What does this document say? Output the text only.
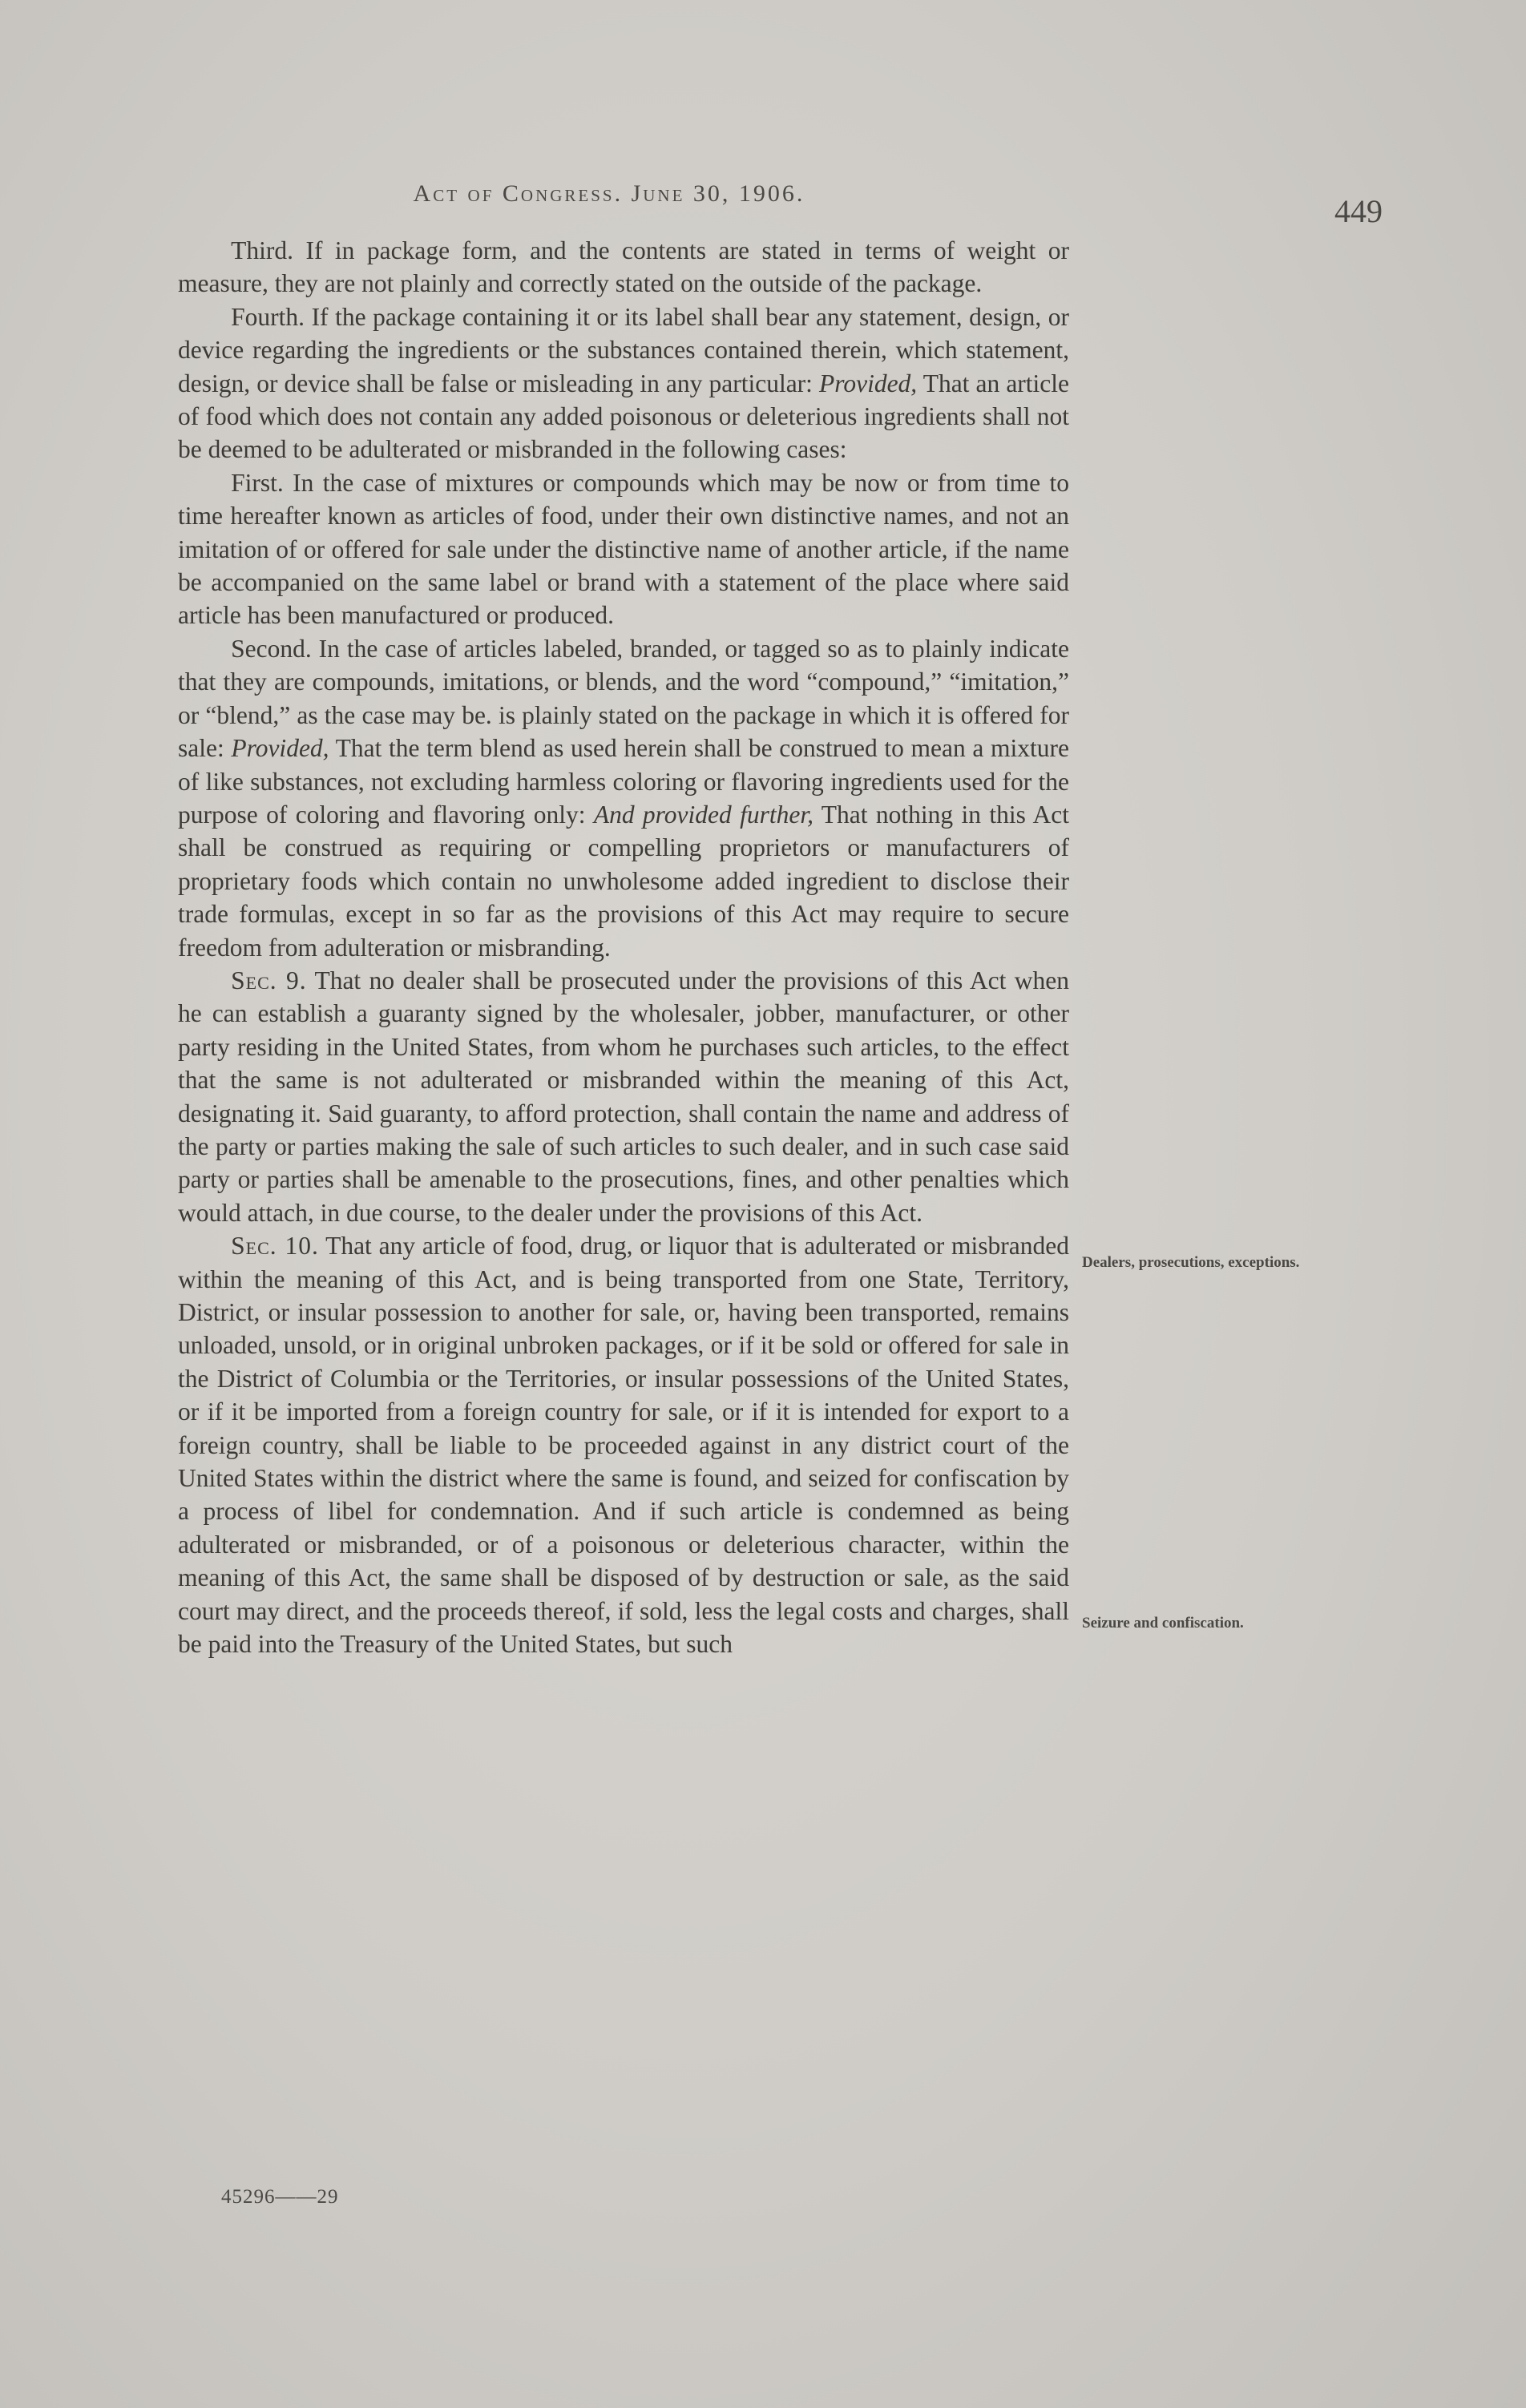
Act of Congress. June 30, 1906.	449

Third. If in package form, and the contents are stated in terms of weight or measure, they are not plainly and correctly stated on the outside of the package.

Fourth. If the package containing it or its label shall bear any statement, design, or device regarding the ingredients or the substances contained therein, which statement, design, or device shall be false or misleading in any particular: Provided, That an article of food which does not contain any added poisonous or deleterious ingredients shall not be deemed to be adulterated or misbranded in the following cases:

First. In the case of mixtures or compounds which may be now or from time to time hereafter known as articles of food, under their own distinctive names, and not an imitation of or offered for sale under the distinctive name of another article, if the name be accompanied on the same label or brand with a statement of the place where said article has been manufactured or produced.

Second. In the case of articles labeled, branded, or tagged so as to plainly indicate that they are compounds, imitations, or blends, and the word “compound,” “imitation,” or “blend,” as the case may be. is plainly stated on the package in which it is offered for sale: Provided, That the term blend as used herein shall be construed to mean a mixture of like substances, not excluding harmless coloring or flavoring ingredients used for the purpose of coloring and flavoring only: And provided further, That nothing in this Act shall be construed as requiring or compelling proprietors or manufacturers of proprietary foods which contain no unwholesome added ingredient to disclose their trade formulas, except in so far as the provisions of this Act may require to secure freedom from adulteration or misbranding.

Sec. 9. That no dealer shall be prosecuted under the provisions of this Act when he can establish a guaranty signed by the wholesaler, jobber, manufacturer, or other party residing in the United States, from whom he purchases such articles, to the effect that the same is not adulterated or misbranded within the meaning of this Act, designating it. Said guaranty, to afford protection, shall contain the name and address of the party or parties making the sale of such articles to such dealer, and in such case said party or parties shall be amenable to the prosecutions, fines, and other penalties which would attach, in due course, to the dealer under the provisions of this Act.

Sec. 10. That any article of food, drug, or liquor that is adulterated or misbranded within the meaning of this Act, and is being transported from one State, Territory, District, or insular possession to another for sale, or, having been transported, remains unloaded, unsold, or in original unbroken packages, or if it be sold or offered for sale in the District of Columbia or the Territories, or insular possessions of the United States, or if it be imported from a foreign country for sale, or if it is intended for export to a foreign country, shall be liable to be proceeded against in any district court of the United States within the district where the same is found, and seized for confiscation by a process of libel for condemnation. And if such article is condemned as being adulterated or misbranded, or of a poisonous or deleterious character, within the meaning of this Act, the same shall be disposed of by destruction or sale, as the said court may direct, and the proceeds thereof, if sold, less the legal costs and charges, shall be paid into the Treasury of the United States, but such

Dealers, prosecutions, exceptions.
Seizure and confiscation.
45296——29
